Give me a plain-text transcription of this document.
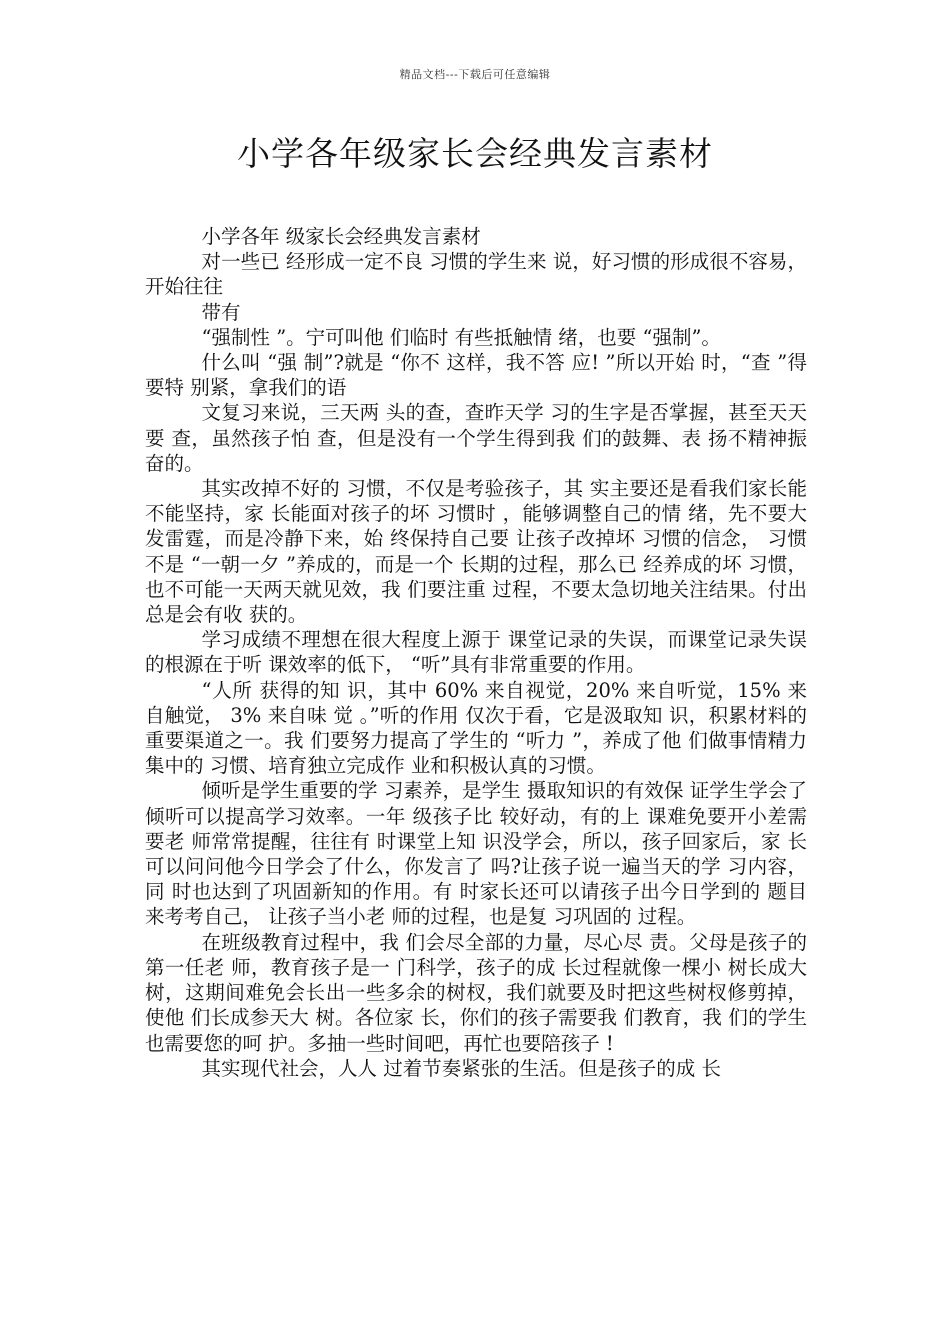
精品文档---下载后可任意编辑
小学各年级家长会经典发言素材

小学各年 级家长会经典发言素材

对一些已 经形成一定不良 习惯的学生来 说，好习惯的形成很不容易，开始往往

带有

“强制性 ”。宁可叫他 们临时 有些抵触情 绪，也要 “强制”。

什么叫 “强 制”?就是 “你不 这样，我不答 应! ”所以开始 时，“查 ”得要特 别紧，拿我们的语

文复习来说，三天两 头的查，查昨天学 习的生字是否掌握，甚至天天要 查，虽然孩子怕 查，但是没有一个学生得到我 们的鼓舞、表 扬不精神振 奋的。

其实改掉不好的 习惯，不仅是考验孩子，其 实主要还是看我们家长能不能坚持，家 长能面对孩子的坏 习惯时 ，能够调整自己的情 绪，先不要大 发雷霆，而是冷静下来，始 终保持自己要 让孩子改掉坏 习惯的信念， 习惯不是 “一朝一夕 ”养成的，而是一个 长期的过程，那么已 经养成的坏 习惯，也不可能一天两天就见效，我 们要注重 过程，不要太急切地关注结果。付出 总是会有收 获的。

学习成绩不理想在很大程度上源于 课堂记录的失误，而课堂记录失误的根源在于听 课效率的低下， “听”具有非常重要的作用。

“人所 获得的知 识，其中 60% 来自视觉，20% 来自听觉，15% 来自触觉， 3% 来自味 觉 。”听的作用 仅次于看，它是汲取知 识，积累材料的重要渠道之一。我 们要努力提高了学生的 “听力 ”，养成了他 们做事情精力集中的 习惯、培育独立完成作 业和积极认真的习惯。

倾听是学生重要的学 习素养，是学生 摄取知识的有效保 证学生学会了 倾听可以提高学习效率。一年 级孩子比 较好动，有的上 课难免要开小差需要老 师常常提醒，往往有 时课堂上知 识没学会，所以，孩子回家后，家 长可以问问他今日学会了什么，你发言了 吗?让孩子说一遍当天的学 习内容，同 时也达到了巩固新知的作用。有 时家长还可以请孩子出今日学到的 题目来考考自己， 让孩子当小老 师的过程，也是复 习巩固的 过程。

在班级教育过程中，我 们会尽全部的力量，尽心尽 责。父母是孩子的第一任老 师，教育孩子是一 门科学，孩子的成 长过程就像一棵小 树长成大树，这期间难免会长出一些多余的树杈，我们就要及时把这些树杈修剪掉，使他 们长成参天大 树。各位家 长，你们的孩子需要我 们教育，我 们的学生也需要您的呵 护。多抽一些时间吧，再忙也要陪孩子 !

其实现代社会，人人 过着节奏紧张的生活。但是孩子的成 长
